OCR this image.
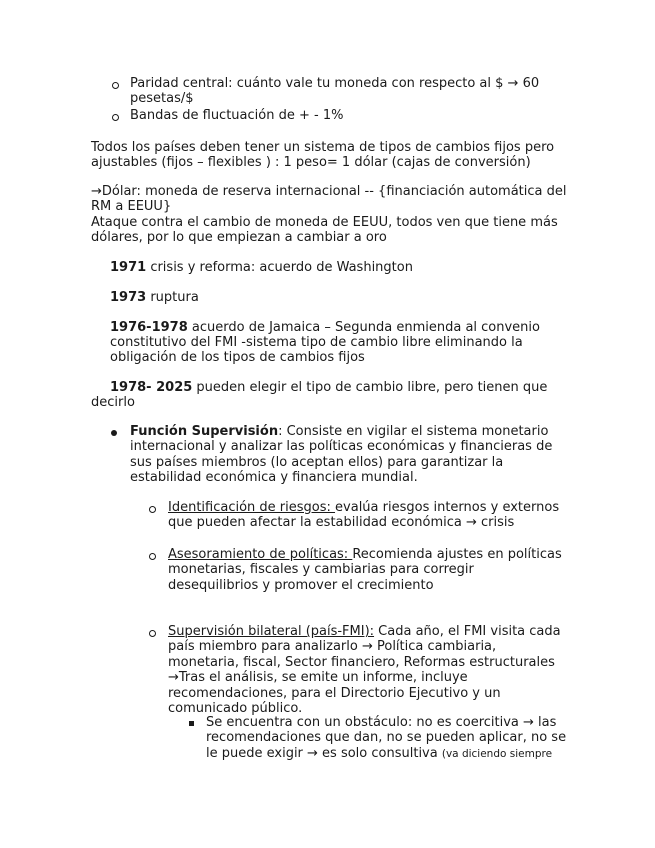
Paridad central: cuánto vale tu moneda con respecto al $ → 60

pesetas/$

Bandas de fluctuación de + - 1%

Todos los países deben tener un sistema de tipos de cambios fijos pero

ajustables (fijos – flexibles ) : 1 peso= 1 dólar (cajas de conversión)

→Dólar: moneda de reserva internacional -- {financiación automática del

RM a EEUU}

Ataque contra el cambio de moneda de EEUU, todos ven que tiene más

dólares, por lo que empiezan a cambiar a oro

1971 crisis y reforma: acuerdo de Washington

1973 ruptura

1976-1978 acuerdo de Jamaica – Segunda enmienda al convenio

constitutivo del FMI -sistema tipo de cambio libre eliminando la

obligación de los tipos de cambios fijos

1978- 2025 pueden elegir el tipo de cambio libre, pero tienen que

decirlo

Función Supervisión: Consiste en vigilar el sistema monetario

internacional y analizar las políticas económicas y financieras de

sus países miembros (lo aceptan ellos) para garantizar la

estabilidad económica y financiera mundial.

Identificación de riesgos: evalúa riesgos internos y externos

que pueden afectar la estabilidad económica → crisis

Asesoramiento de políticas: Recomienda ajustes en políticas

monetarias, fiscales y cambiarias para corregir

desequilibrios y promover el crecimiento

Supervisión bilateral (país-FMI): Cada año, el FMI visita cada

país miembro para analizarlo → Política cambiaria,

monetaria, fiscal, Sector financiero, Reformas estructurales

→Tras el análisis, se emite un informe, incluye

recomendaciones, para el Directorio Ejecutivo y un

comunicado público.

Se encuentra con un obstáculo: no es coercitiva → las

recomendaciones que dan, no se pueden aplicar, no se

le puede exigir → es solo consultiva (va diciendo siempre
